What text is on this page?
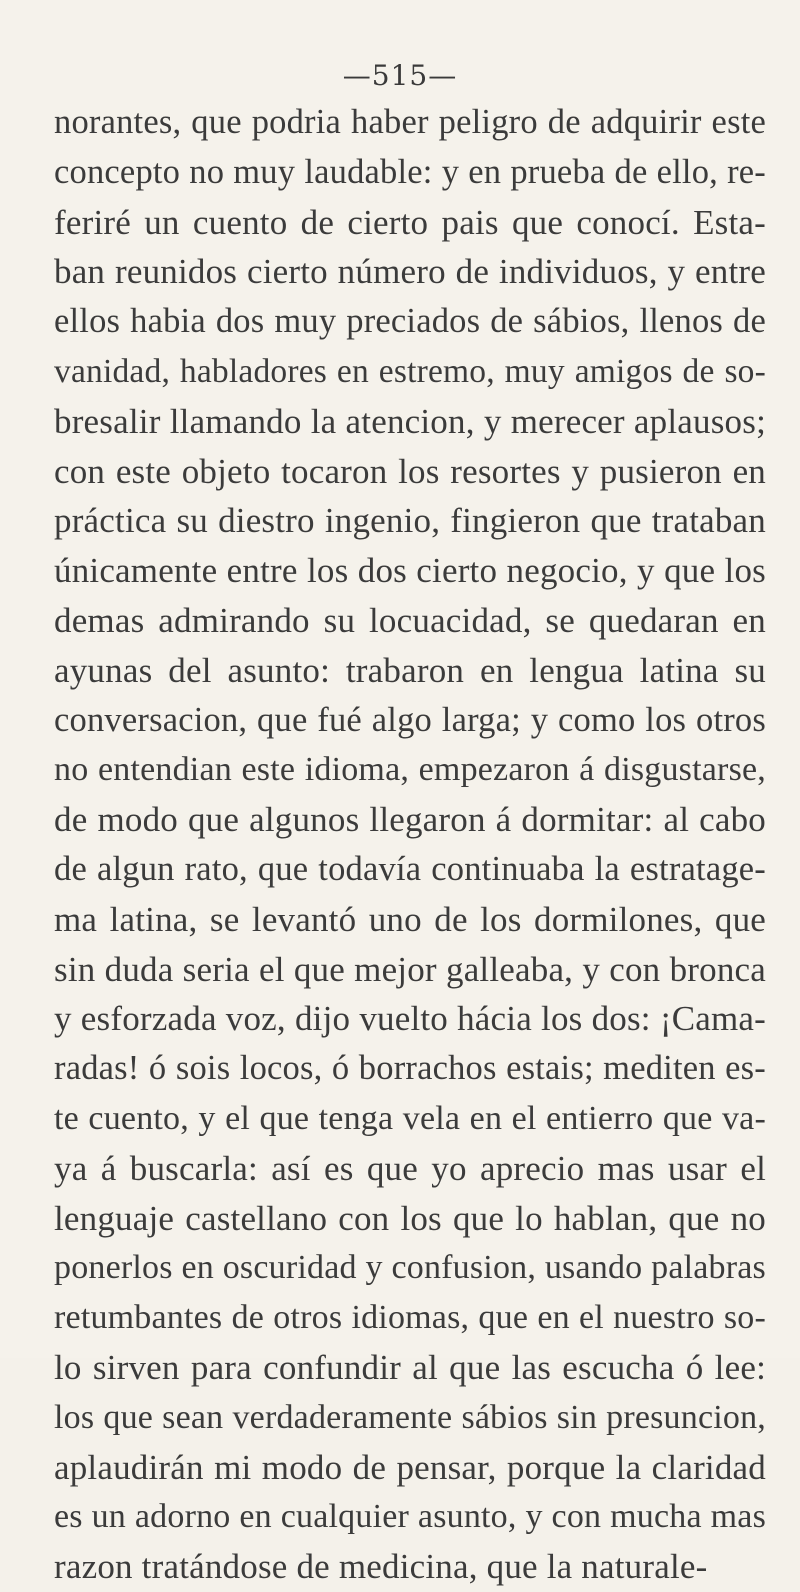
—515—
norantes, que podria haber peligro de adquirir este
concepto no muy laudable: y en prueba de ello, re-
feriré un cuento de cierto pais que conocí. Esta-
ban reunidos cierto número de individuos, y entre
ellos habia dos muy preciados de sábios, llenos de
vanidad, habladores en estremo, muy amigos de so-
bresalir llamando la atencion, y merecer aplausos;
con este objeto tocaron los resortes y pusieron en
práctica su diestro ingenio, fingieron que trataban
únicamente entre los dos cierto negocio, y que los
demas admirando su locuacidad, se quedaran en
ayunas del asunto: trabaron en lengua latina su
conversacion, que fué algo larga; y como los otros
no entendian este idioma, empezaron á disgustarse,
de modo que algunos llegaron á dormitar: al cabo
de algun rato, que todavía continuaba la estratage-
ma latina, se levantó uno de los dormilones, que
sin duda seria el que mejor galleaba, y con bronca
y esforzada voz, dijo vuelto hácia los dos: ¡Cama-
radas! ó sois locos, ó borrachos estais; mediten es-
te cuento, y el que tenga vela en el entierro que va-
ya á buscarla: así es que yo aprecio mas usar el
lenguaje castellano con los que lo hablan, que no
ponerlos en oscuridad y confusion, usando palabras
retumbantes de otros idiomas, que en el nuestro so-
lo sirven para confundir al que las escucha ó lee:
los que sean verdaderamente sábios sin presuncion,
aplaudirán mi modo de pensar, porque la claridad
es un adorno en cualquier asunto, y con mucha mas
razon tratándose de medicina, que la naturale-
